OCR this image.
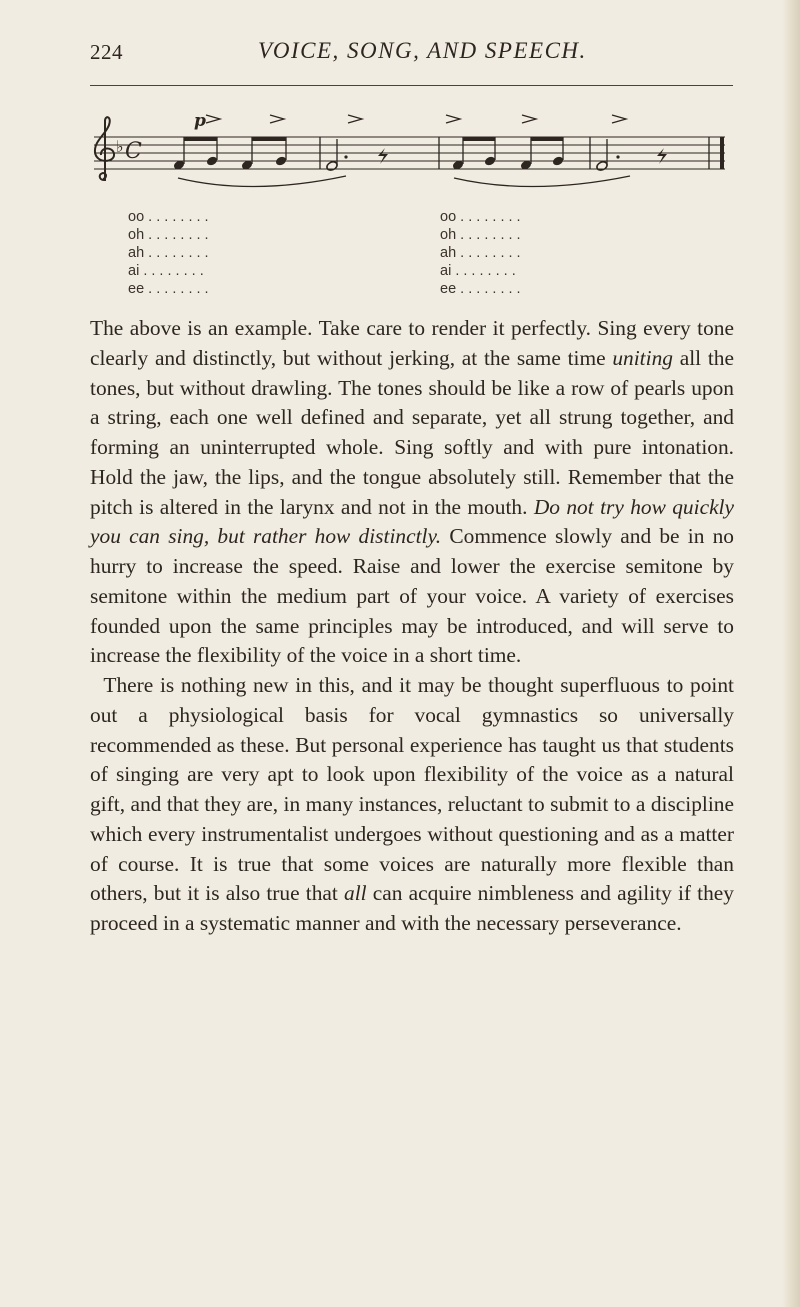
224	VOICE, SONG, AND SPEECH.
♭ C
p
oo . . . . . . . .
oh . . . . . . . .
ah . . . . . . . .
ai . . . . . . . .
ee . . . . . . . .
oo . . . . . . . .
oh . . . . . . . .
ah . . . . . . . .
ai . . . . . . . .
ee . . . . . . . .

The above is an example. Take care to render it perfectly. Sing every tone clearly and distinctly, but without jerking, at the same time uniting all the tones, but without drawling. The tones should be like a row of pearls upon a string, each one well defined and separate, yet all strung together, and forming an uninterrupted whole. Sing softly and with pure intonation. Hold the jaw, the lips, and the tongue absolutely still. Remember that the pitch is altered in the larynx and not in the mouth. Do not try how quickly you can sing, but rather how distinctly. Commence slowly and be in no hurry to increase the speed. Raise and lower the exercise semitone by semitone within the medium part of your voice. A variety of exercises founded upon the same principles may be introduced, and will serve to increase the flexibility of the voice in a short time.

There is nothing new in this, and it may be thought superfluous to point out a physiological basis for vocal gymnastics so universally recommended as these. But personal experience has taught us that students of singing are very apt to look upon flexibility of the voice as a natural gift, and that they are, in many instances, reluctant to submit to a discipline which every instrumentalist undergoes without questioning and as a matter of course. It is true that some voices are naturally more flexible than others, but it is also true that all can acquire nimbleness and agility if they proceed in a systematic manner and with the necessary perseverance.
